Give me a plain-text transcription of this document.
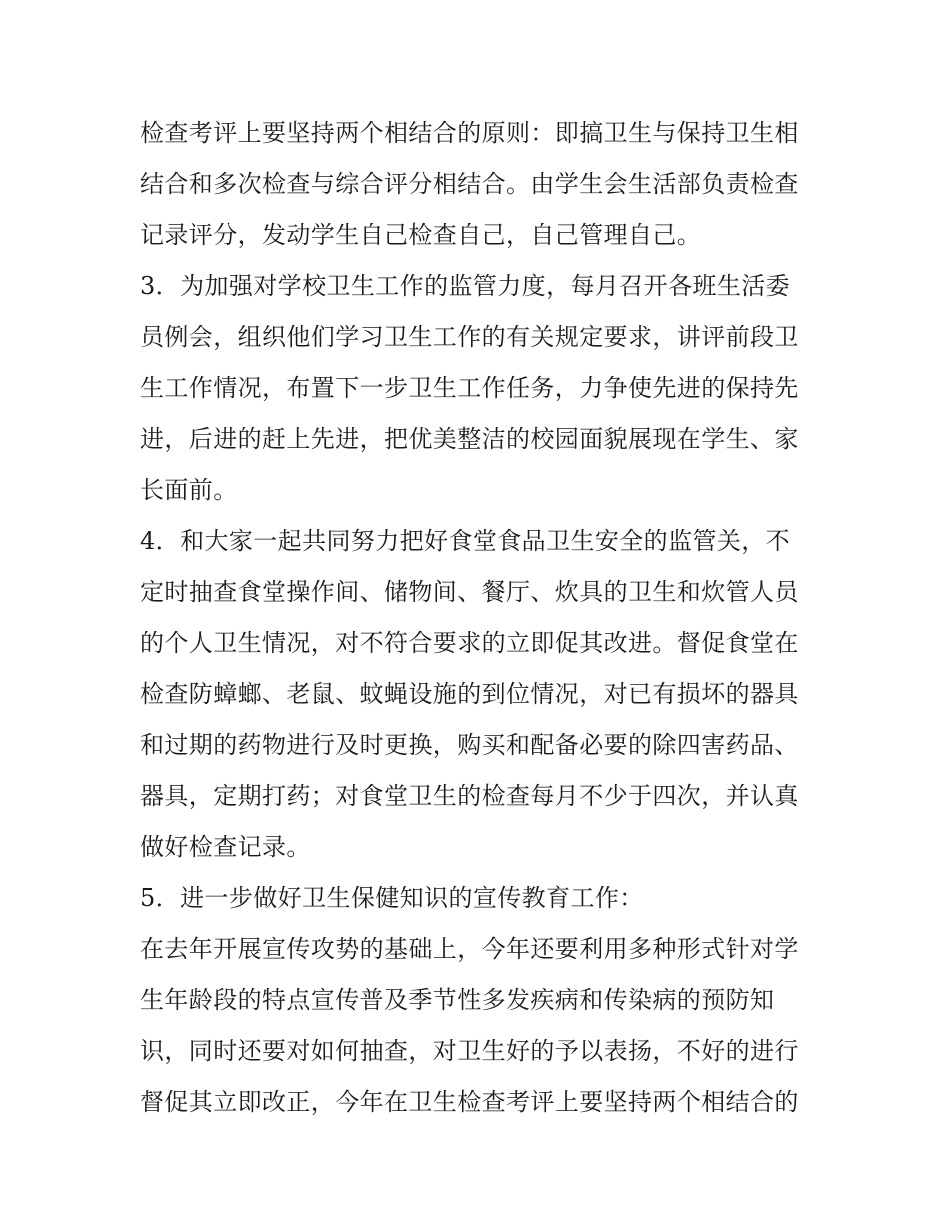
检查考评上要坚持两个相结合的原则：即搞卫生与保持卫生相
结合和多次检查与综合评分相结合。由学生会生活部负责检查
记录评分，发动学生自己检查自己，自己管理自己。
3．为加强对学校卫生工作的监管力度，每月召开各班生活委
员例会，组织他们学习卫生工作的有关规定要求，讲评前段卫
生工作情况，布置下一步卫生工作任务，力争使先进的保持先
进，后进的赶上先进，把优美整洁的校园面貌展现在学生、家
长面前。
4．和大家一起共同努力把好食堂食品卫生安全的监管关，不
定时抽查食堂操作间、储物间、餐厅、炊具的卫生和炊管人员
的个人卫生情况，对不符合要求的立即促其改进。督促食堂在
检查防蟑螂、老鼠、蚊蝇设施的到位情况，对已有损坏的器具
和过期的药物进行及时更换，购买和配备必要的除四害药品、
器具，定期打药；对食堂卫生的检查每月不少于四次，并认真
做好检查记录。
5．进一步做好卫生保健知识的宣传教育工作：
在去年开展宣传攻势的基础上，今年还要利用多种形式针对学
生年龄段的特点宣传普及季节性多发疾病和传染病的预防知
识，同时还要对如何抽查，对卫生好的予以表扬，不好的进行
督促其立即改正，今年在卫生检查考评上要坚持两个相结合的
